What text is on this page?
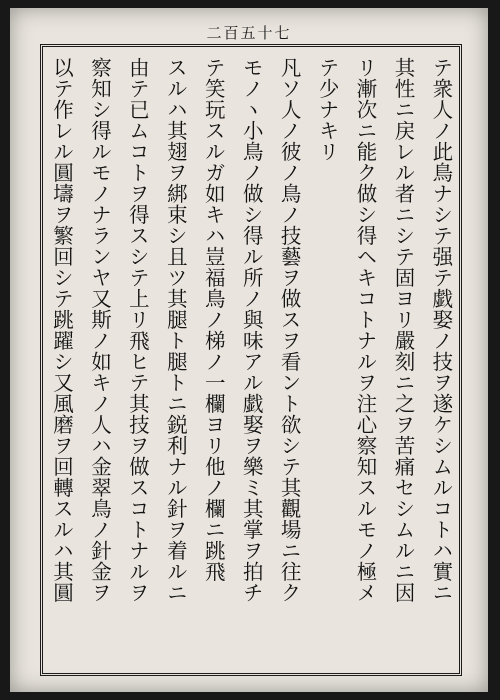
二百五十七
テ衆人ノ此鳥ナシテ强テ戯娶ノ技ヲ遂ケシムルコトハ實ニ
其性ニ戻レル者ニシテ固ヨリ嚴刻ニ之ヲ苦痛セシムルニ因
リ漸次ニ能ク做シ得ヘキコトナルヲ注心察知スルモノ極メ
テ少ナキリ
凡ソ人ノ彼ノ鳥ノ技藝ヲ做スヲ看ント欲シテ其觀場ニ往ク
モノヽ小鳥ノ做シ得ル所ノ與味アル戯娶ヲ樂ミ其掌ヲ拍チ
テ笑玩スルガ如キハ豈福鳥ノ梯ノ一欄ヨリ他ノ欄ニ跳飛
スルハ其翅ヲ綁束シ且ツ其腿ト腿トニ鋭利ナル針ヲ着ルニ
由テ已ムコトヲ得スシテ上リ飛ヒテ其技ヲ做スコトナルヲ
察知シ得ルモノナランヤ又斯ノ如キノ人ハ金翠鳥ノ針金ヲ
以テ作レル圓壔ヲ繁回シテ跳躍シ又風磨ヲ回轉スルハ其圓
